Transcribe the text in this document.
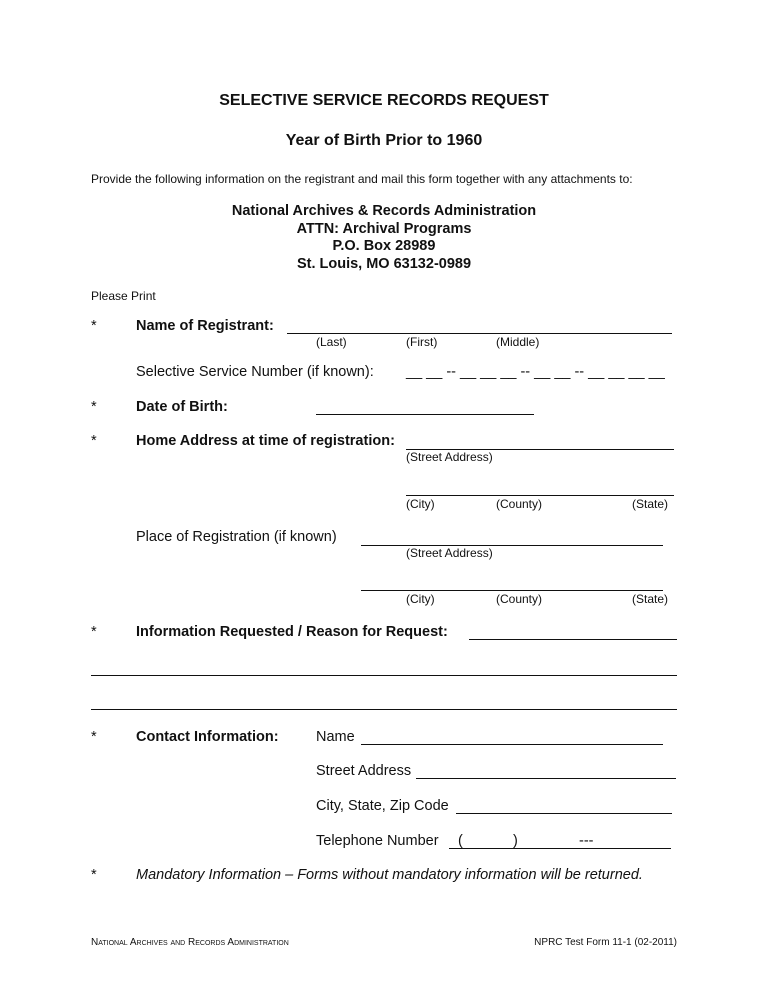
SELECTIVE SERVICE RECORDS REQUEST
Year of Birth Prior to 1960
Provide the following information on the registrant and mail this form together with any attachments to:
National Archives & Records Administration
ATTN: Archival Programs
P.O. Box 28989
St. Louis, MO 63132-0989
Please Print
*	Name of Registrant:
(Last)	(First)	(Middle)
Selective Service Number (if known): __ __ -- __ __ __ -- __ __ -- __ __ __ __
*	Date of Birth:
*	Home Address at time of registration:
(Street Address)
(City)	(County)	(State)
Place of Registration (if known)
(Street Address)
(City)	(County)	(State)
*	Information Requested / Reason for Request:
*	Contact Information:	Name
Street Address
City, State, Zip Code
Telephone Number (	)	---
*	Mandatory Information – Forms without mandatory information will be returned.
National Archives and Records Administration	NPRC Test Form 11-1 (02-2011)
